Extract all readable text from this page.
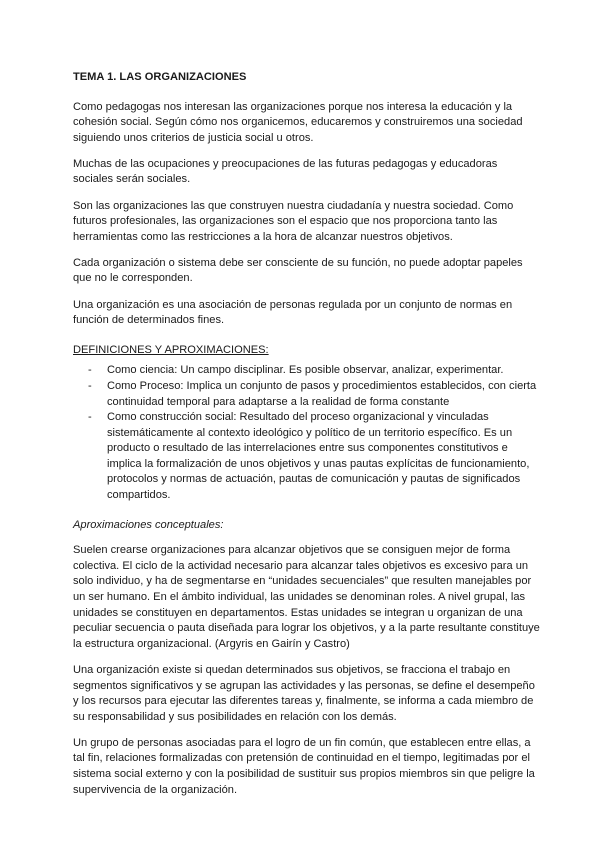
TEMA 1. LAS ORGANIZACIONES

Como pedagogas nos interesan las organizaciones porque nos interesa la educación y la cohesión social. Según cómo nos organicemos, educaremos y construiremos una sociedad siguiendo unos criterios de justicia social u otros.

Muchas de las ocupaciones y preocupaciones de las futuras pedagogas y educadoras sociales serán sociales.

Son las organizaciones las que construyen nuestra ciudadanía y nuestra sociedad. Como futuros profesionales, las organizaciones son el espacio que nos proporciona tanto las herramientas como las restricciones a la hora de alcanzar nuestros objetivos.

Cada organización o sistema debe ser consciente de su función, no puede adoptar papeles que no le corresponden.

Una organización es una asociación de personas regulada por un conjunto de normas en función de determinados fines.

DEFINICIONES Y APROXIMACIONES:
- Como ciencia: Un campo disciplinar. Es posible observar, analizar, experimentar.
- Como Proceso: Implica un conjunto de pasos y procedimientos establecidos, con cierta continuidad temporal para adaptarse a la realidad de forma constante
- Como construcción social: Resultado del proceso organizacional y vinculadas sistemáticamente al contexto ideológico y político de un territorio específico. Es un producto o resultado de las interrelaciones entre sus componentes constitutivos e implica la formalización de unos objetivos y unas pautas explícitas de funcionamiento, protocolos y normas de actuación, pautas de comunicación y pautas de significados compartidos.
Aproximaciones conceptuales:

Suelen crearse organizaciones para alcanzar objetivos que se consiguen mejor de forma colectiva. El ciclo de la actividad necesario para alcanzar tales objetivos es excesivo para un solo individuo, y ha de segmentarse en “unidades secuenciales” que resulten manejables por un ser humano. En el ámbito individual, las unidades se denominan roles. A nivel grupal, las unidades se constituyen en departamentos. Estas unidades se integran u organizan de una peculiar secuencia o pauta diseñada para lograr los objetivos, y a la parte resultante constituye la estructura organizacional. (Argyris en Gairín y Castro)

Una organización existe si quedan determinados sus objetivos, se fracciona el trabajo en segmentos significativos y se agrupan las actividades y las personas, se define el desempeño y los recursos para ejecutar las diferentes tareas y, finalmente, se informa a cada miembro de su responsabilidad y sus posibilidades en relación con los demás.

Un grupo de personas asociadas para el logro de un fin común, que establecen entre ellas, a tal fin, relaciones formalizadas con pretensión de continuidad en el tiempo, legitimadas por el sistema social externo y con la posibilidad de sustituir sus propios miembros sin que peligre la supervivencia de la organización.
